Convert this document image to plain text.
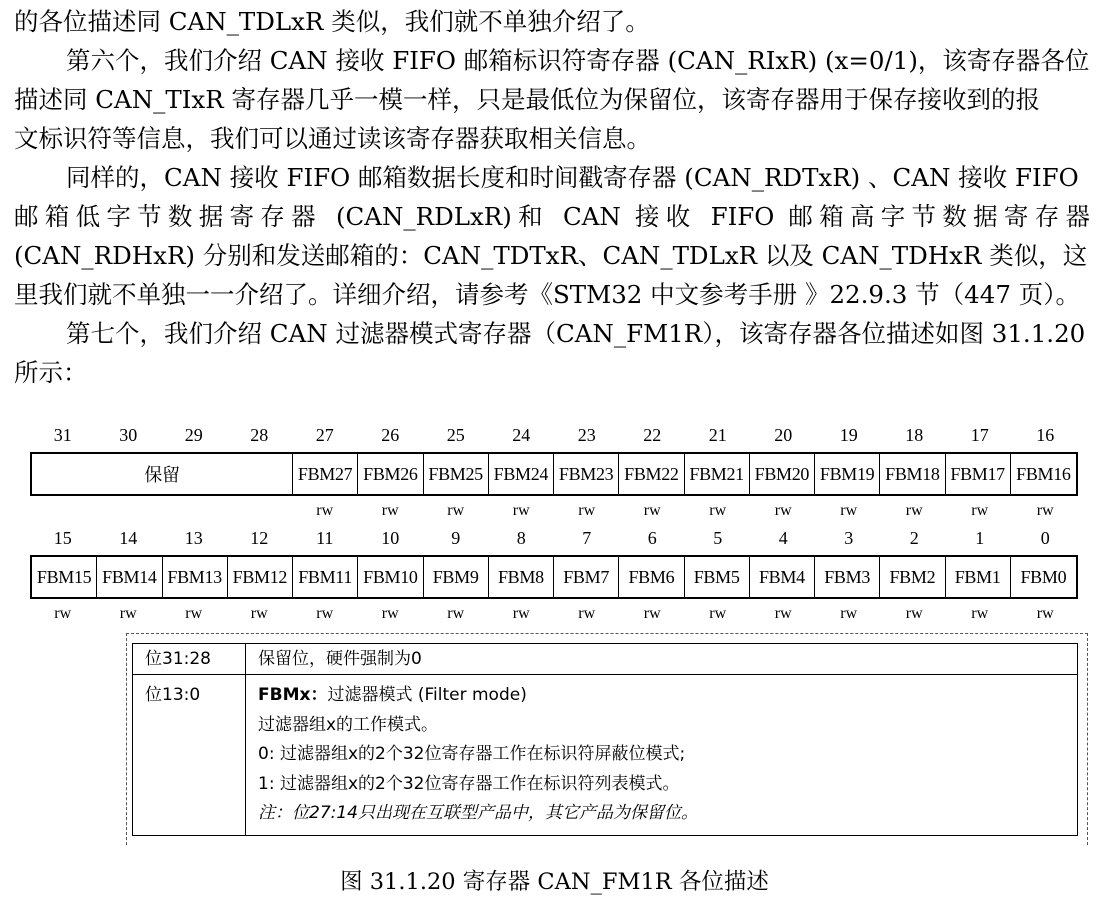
的各位描述同 CAN_TDLxR 类似，我们就不单独介绍了。
第六个，我们介绍 CAN 接收 FIFO 邮箱标识符寄存器 (CAN_RIxR) (x=0/1)，该寄存器各位
描述同 CAN_TIxR 寄存器几乎一模一样，只是最低位为保留位，该寄存器用于保存接收到的报
文标识符等信息，我们可以通过读该寄存器获取相关信息。
同样的，CAN 接收 FIFO 邮箱数据长度和时间戳寄存器 (CAN_RDTxR) 、CAN 接收 FIFO
邮箱低字节数据寄存器 (CAN_RDLxR)和 CAN 接收 FIFO 邮箱高字节数据寄存器
(CAN_RDHxR) 分别和发送邮箱的：CAN_TDTxR、CAN_TDLxR 以及 CAN_TDHxR 类似，这
里我们就不单独一一介绍了。详细介绍，请参考《STM32 中文参考手册 》22.9.3 节（447 页）。
第七个，我们介绍 CAN 过滤器模式寄存器（CAN_FM1R），该寄存器各位描述如图 31.1.20
所示：
31	30	29	28	27	26	25	24	23	22	21	20	19	18	17	16
保留	FBM27 FBM26 FBM25 FBM24 FBM23 FBM22 FBM21 FBM20 FBM19 FBM18 FBM17 FBM16
rw	rw	rw	rw	rw	rw	rw	rw	rw	rw	rw	rw
15	14	13	12	11	10	9	8	7	6	5	4	3	2	1	0
FBM15 FBM14 FBM13 FBM12 FBM11 FBM10 FBM9	FBM8	FBM7	FBM6	FBM5	FBM4	FBM3	FBM2	FBM1	FBM0
rw	rw	rw	rw	rw	rw	rw	rw	rw	rw	rw	rw	rw	rw	rw	rw
位31:28	保留位，硬件强制为0
位13:0	FBMx：过滤器模式 (Filter mode)
过滤器组x的工作模式。
0: 过滤器组x的2个32位寄存器工作在标识符屏蔽位模式;
1: 过滤器组x的2个32位寄存器工作在标识符列表模式。
注：位27:14只出现在互联型产品中，其它产品为保留位。
图 31.1.20 寄存器 CAN_FM1R 各位描述
